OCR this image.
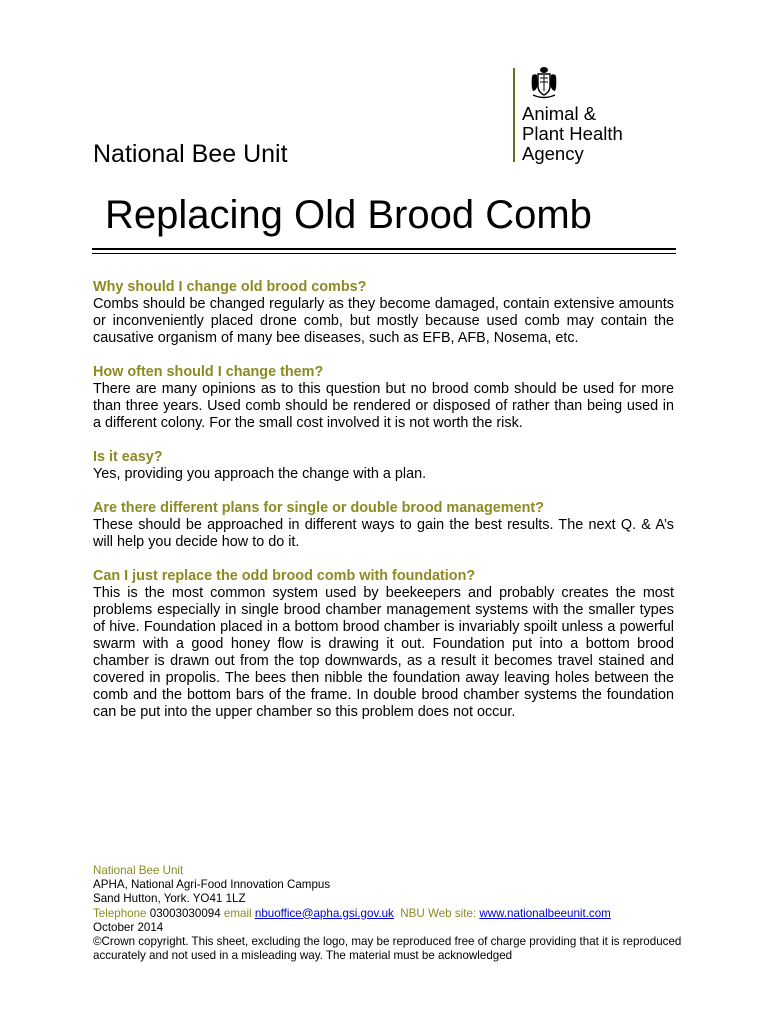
Animal &
Plant Health
Agency
National Bee Unit
Replacing Old Brood Comb

Why should I change old brood combs?

Combs should be changed regularly as they become damaged, contain extensive amounts or inconveniently placed drone comb, but mostly because used comb may contain the causative organism of many bee diseases, such as EFB, AFB, Nosema, etc.

How often should I change them?

There are many opinions as to this question but no brood comb should be used for more than three years. Used comb should be rendered or disposed of rather than being used in a different colony. For the small cost involved it is not worth the risk.

Is it easy?

Yes, providing you approach the change with a plan.

Are there different plans for single or double brood management?

These should be approached in different ways to gain the best results. The next Q. & A’s will help you decide how to do it.

Can I just replace the odd brood comb with foundation?

This is the most common system used by beekeepers and probably creates the most problems especially in single brood chamber management systems with the smaller types of hive. Foundation placed in a bottom brood chamber is invariably spoilt unless a powerful swarm with a good honey flow is drawing it out. Foundation put into a bottom brood chamber is drawn out from the top downwards, as a result it becomes travel stained and covered in propolis. The bees then nibble the foundation away leaving holes between the comb and the bottom bars of the frame. In double brood chamber systems the foundation can be put into the upper chamber so this problem does not occur.

National Bee Unit

APHA, National Agri-Food Innovation Campus

Sand Hutton, York. YO41 1LZ

Telephone 03003030094 email nbuoffice@apha.gsi.gov.uk NBU Web site: www.nationalbeeunit.com

October 2014

©Crown copyright. This sheet, excluding the logo, may be reproduced free of charge providing that it is reproduced accurately and not used in a misleading way. The material must be acknowledged
